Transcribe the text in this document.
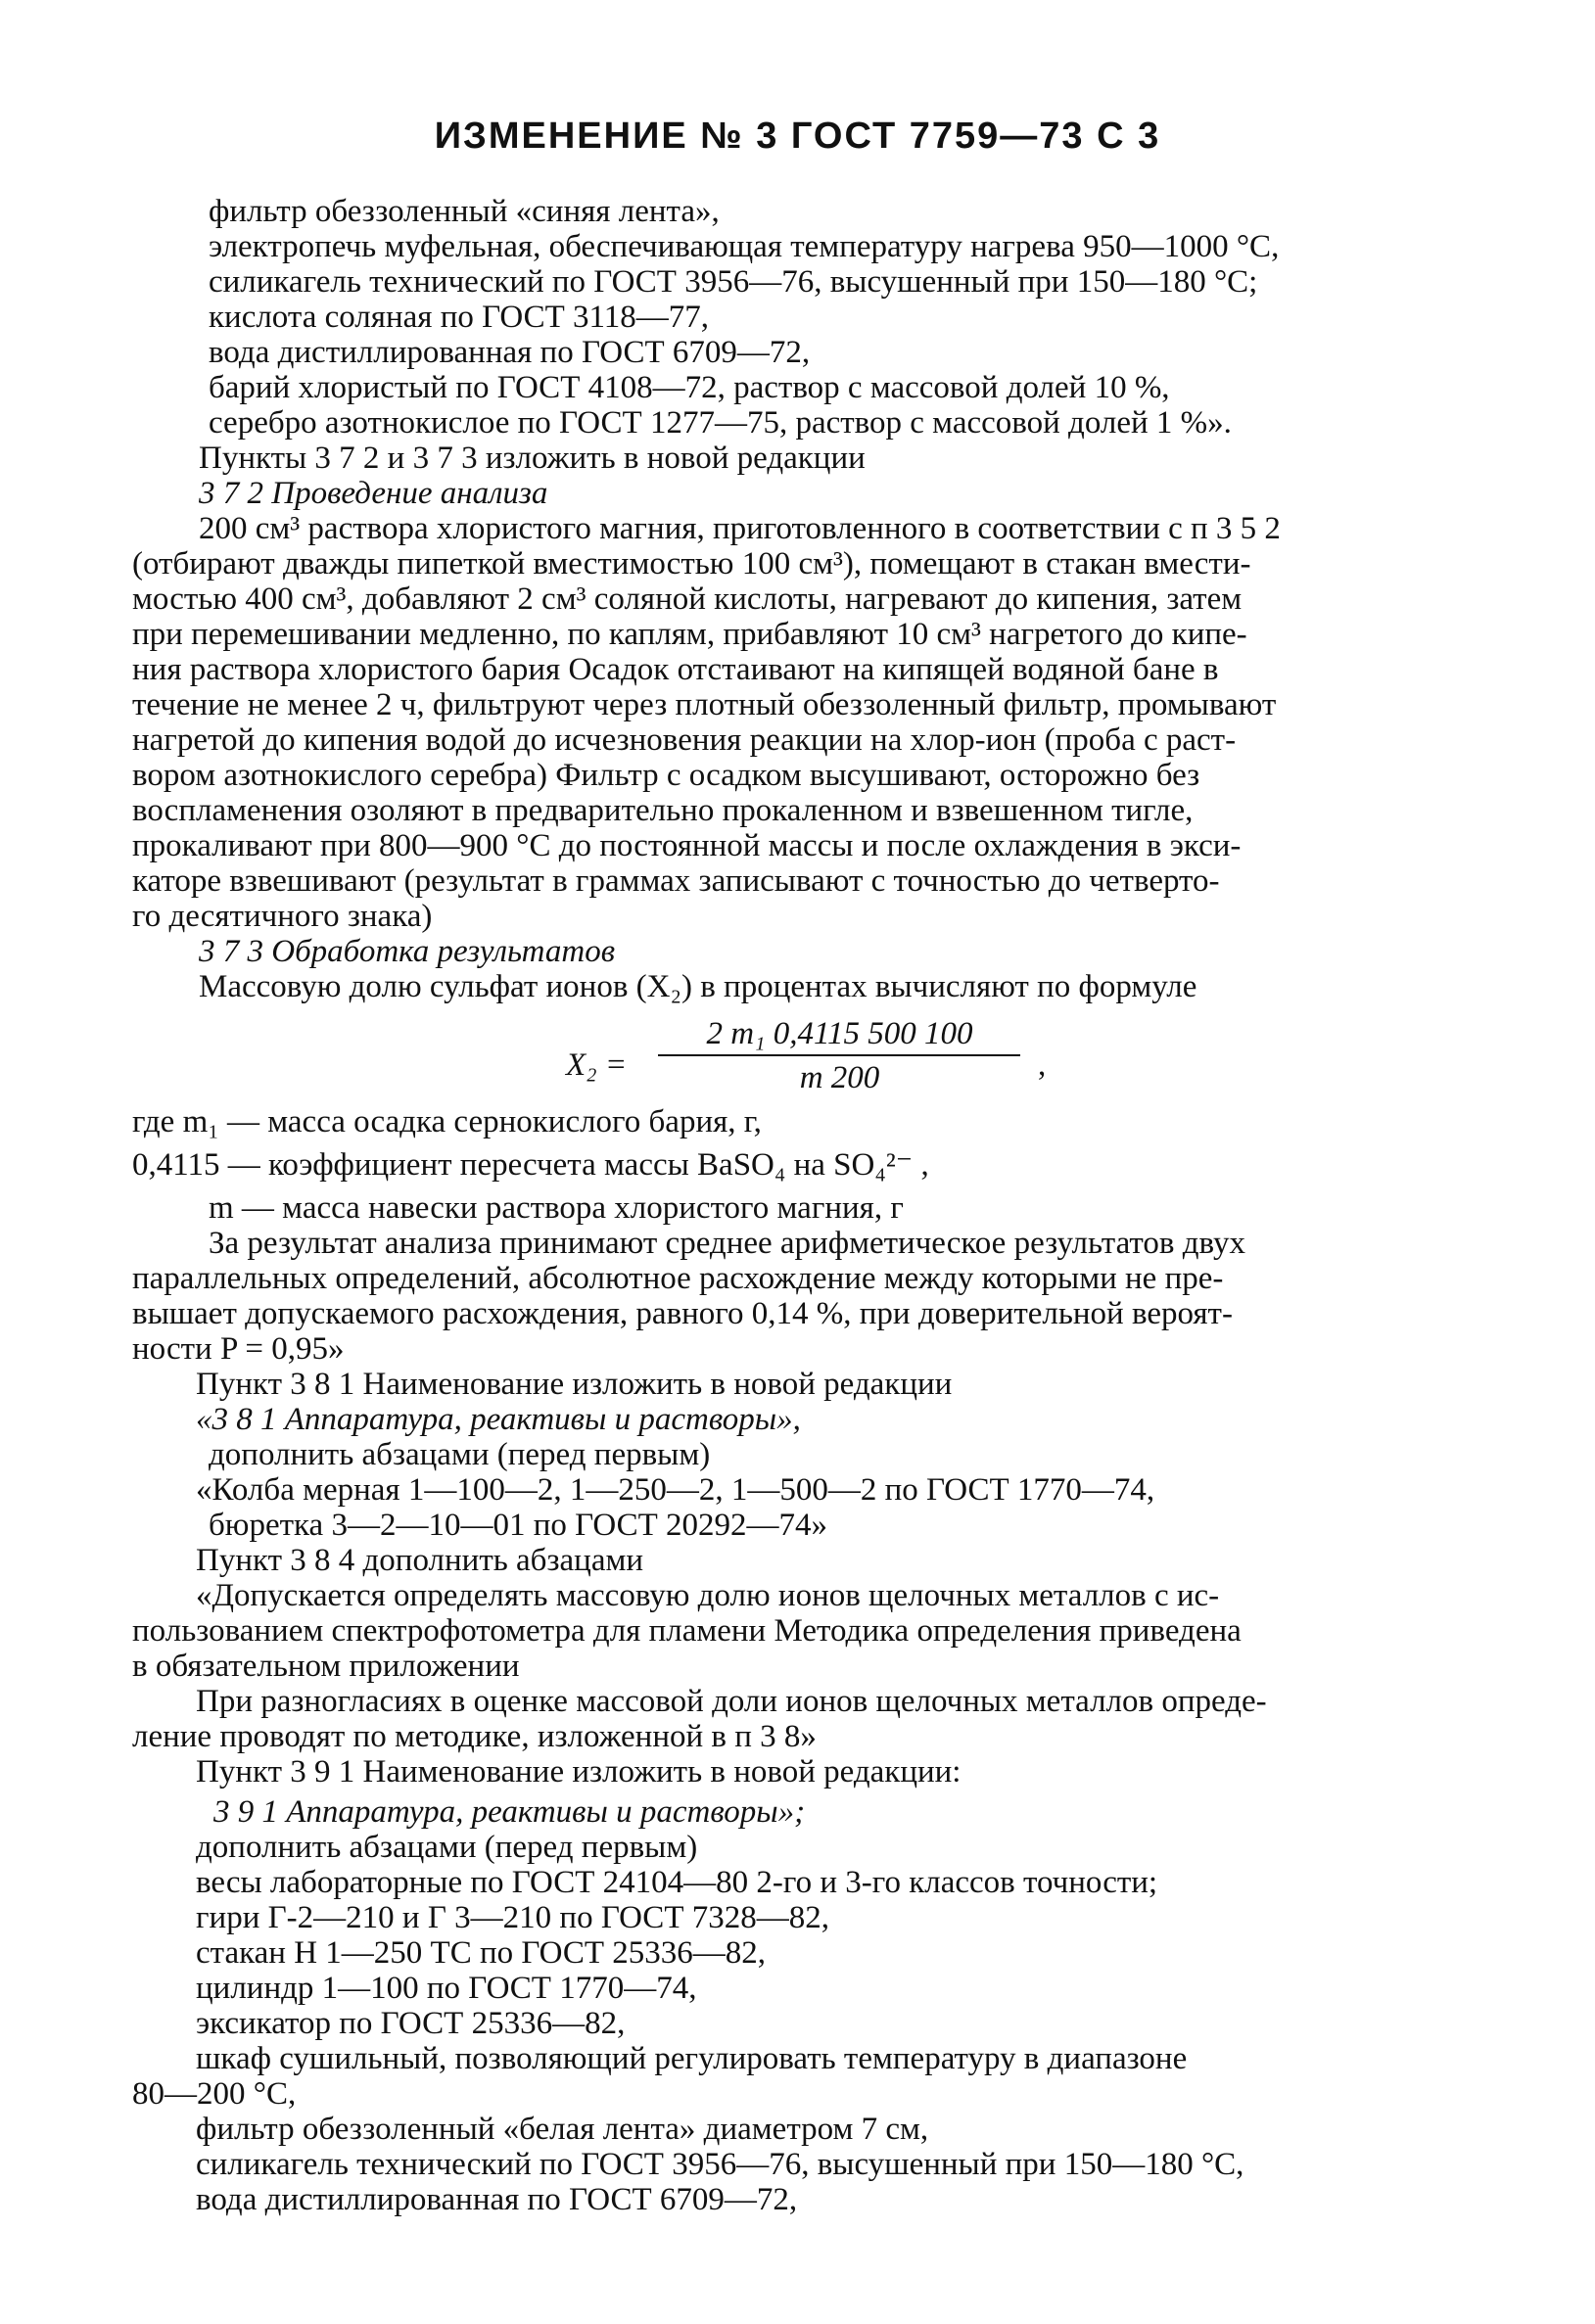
ИЗМЕНЕНИЕ № 3 ГОСТ 7759—73 С 3
фильтр обеззоленный «синяя лента»,
электропечь муфельная, обеспечивающая температуру нагрева 950—1000 °С,
силикагель технический по ГОСТ 3956—76, высушенный при 150—180 °С;
кислота соляная по ГОСТ 3118—77,
вода дистиллированная по ГОСТ 6709—72,
барий хлористый по ГОСТ 4108—72, раствор с массовой долей 10 %,
серебро азотнокислое по ГОСТ 1277—75, раствор с массовой долей 1 %».
Пункты 3 7 2 и 3 7 3 изложить в новой редакции
3 7 2 Проведение анализа
200 см³ раствора хлористого магния, приготовленного в соответствии с п 3 5 2
(отбирают дважды пипеткой вместимостью 100 см³), помещают в стакан вмести-
мостью 400 см³, добавляют 2 см³ соляной кислоты, нагревают до кипения, затем
при перемешивании медленно, по каплям, прибавляют 10 см³ нагретого до кипе-
ния раствора хлористого бария Осадок отстаивают на кипящей водяной бане в
течение не менее 2 ч, фильтруют через плотный обеззоленный фильтр, промывают
нагретой до кипения водой до исчезновения реакции на хлор-ион (проба с раст-
вором азотнокислого серебра) Фильтр с осадком высушивают, осторожно без
воспламенения озоляют в предварительно прокаленном и взвешенном тигле,
прокаливают при 800—900 °С до постоянной массы и после охлаждения в экси-
каторе взвешивают (результат в граммах записывают с точностью до четверто-
го десятичного знака)
3 7 3 Обработка результатов
Массовую долю сульфат ионов (X₂) в процентах вычисляют по формуле
X₂ =
2 m₁ 0,4115 500 100
m 200	,
где m₁ — масса осадка сернокислого бария, г,
0,4115 — коэффициент пересчета массы BaSO₄ на SO₄²⁻ ,
m — масса навески раствора хлористого магния, г
За результат анализа принимают среднее арифметическое результатов двух
параллельных определений, абсолютное расхождение между которыми не пре-
вышает допускаемого расхождения, равного 0,14 %, при доверительной вероят-
ности P = 0,95»
Пункт 3 8 1 Наименование изложить в новой редакции
«3 8 1 Аппаратура, реактивы и растворы»,
дополнить абзацами (перед первым)
«Колба мерная 1—100—2, 1—250—2, 1—500—2 по ГОСТ 1770—74,
бюретка 3—2—10—01 по ГОСТ 20292—74»
Пункт 3 8 4 дополнить абзацами
«Допускается определять массовую долю ионов щелочных металлов с ис-
пользованием спектрофотометра для пламени Методика определения приведена
в обязательном приложении
При разногласиях в оценке массовой доли ионов щелочных металлов опреде-
ление проводят по методике, изложенной в п 3 8»
Пункт 3 9 1 Наименование изложить в новой редакции:
3 9 1 Аппаратура, реактивы и растворы»;
дополнить абзацами (перед первым)
весы лабораторные по ГОСТ 24104—80 2-го и 3-го классов точности;
гири Г-2—210 и Г 3—210 по ГОСТ 7328—82,
стакан Н 1—250 ТС по ГОСТ 25336—82,
цилиндр 1—100 по ГОСТ 1770—74,
эксикатор по ГОСТ 25336—82,
шкаф сушильный, позволяющий регулировать температуру в диапазоне
80—200 °С,
фильтр обеззоленный «белая лента» диаметром 7 см,
силикагель технический по ГОСТ 3956—76, высушенный при 150—180 °С,
вода дистиллированная по ГОСТ 6709—72,
